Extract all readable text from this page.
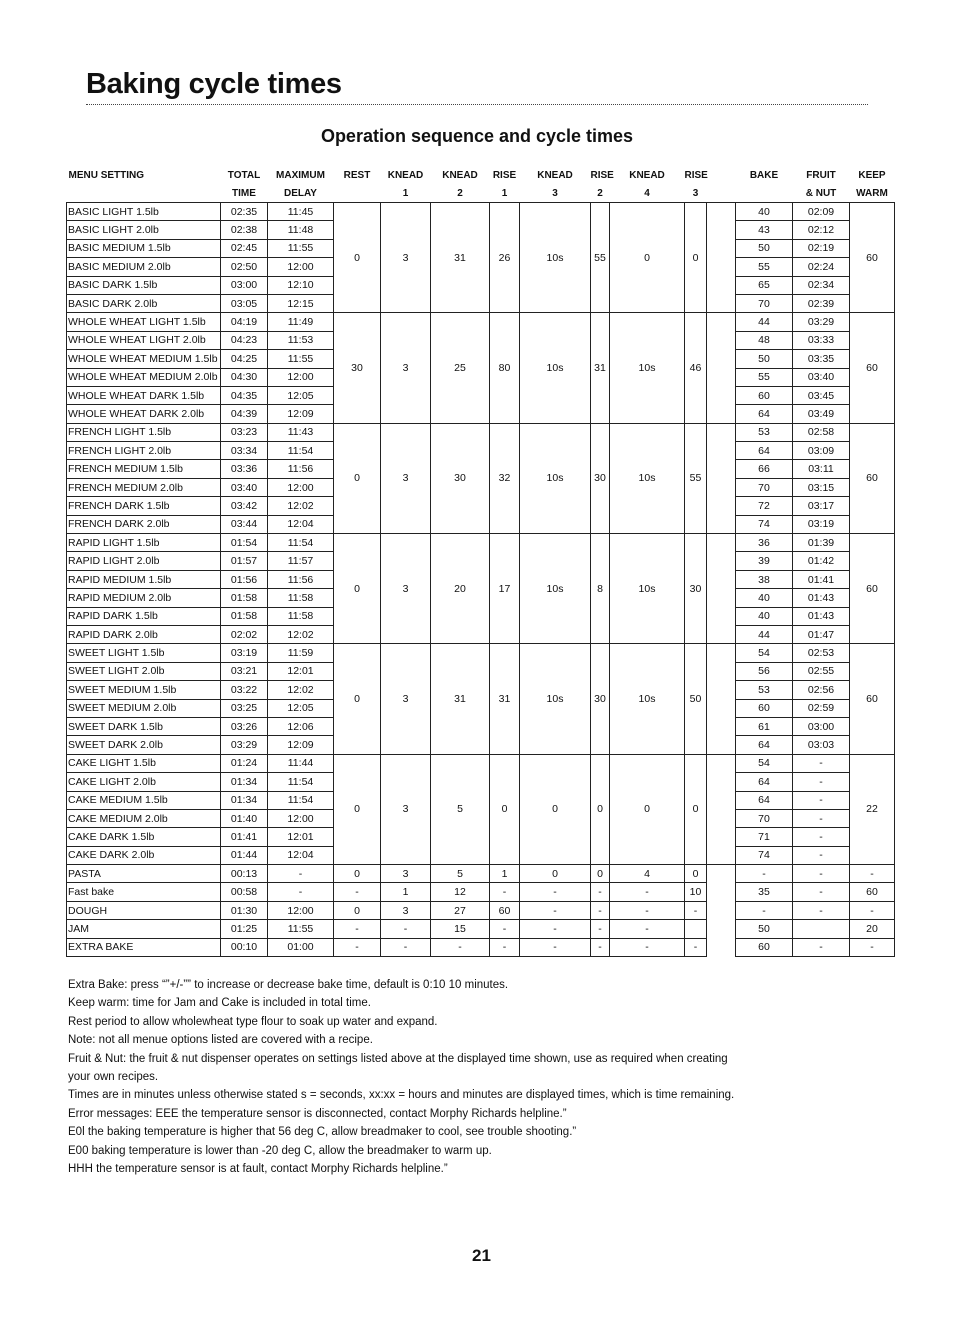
Baking cycle times
Operation sequence and cycle times
MENU SETTING	TOTAL	MAXIMUM	REST	KNEAD	KNEAD	RISE	KNEAD	RISE	KNEAD	RISE		BAKE	FRUIT	KEEP
	TIME	DELAY		1	2	1	3	2	4	3			& NUT	WARM
BASIC LIGHT 1.5lb	02:35	11:45	0	3	31	26	10s	55	0	0		40	02:09	60
BASIC LIGHT 2.0lb	02:38	11:48										43	02:12	
BASIC MEDIUM 1.5lb	02:45	11:55										50	02:19	
BASIC MEDIUM 2.0lb	02:50	12:00										55	02:24	
BASIC DARK 1.5lb	03:00	12:10										65	02:34	
BASIC DARK 2.0lb	03:05	12:15										70	02:39	
WHOLE WHEAT LIGHT 1.5lb	04:19	11:49	30	3	25	80	10s	31	10s	46		44	03:29	60
WHOLE WHEAT LIGHT 2.0lb	04:23	11:53										48	03:33	
WHOLE WHEAT MEDIUM 1.5lb	04:25	11:55										50	03:35	
WHOLE WHEAT MEDIUM 2.0lb	04:30	12:00										55	03:40	
WHOLE WHEAT DARK 1.5lb	04:35	12:05										60	03:45	
WHOLE WHEAT DARK 2.0lb	04:39	12:09										64	03:49	
FRENCH LIGHT 1.5lb	03:23	11:43	0	3	30	32	10s	30	10s	55		53	02:58	60
FRENCH LIGHT 2.0lb	03:34	11:54										64	03:09	
FRENCH MEDIUM 1.5lb	03:36	11:56										66	03:11	
FRENCH MEDIUM 2.0lb	03:40	12:00										70	03:15	
FRENCH DARK 1.5lb	03:42	12:02										72	03:17	
FRENCH DARK 2.0lb	03:44	12:04										74	03:19	
RAPID LIGHT 1.5lb	01:54	11:54	0	3	20	17	10s	8	10s	30		36	01:39	60
RAPID LIGHT 2.0lb	01:57	11:57										39	01:42	
RAPID MEDIUM 1.5lb	01:56	11:56										38	01:41	
RAPID MEDIUM 2.0lb	01:58	11:58										40	01:43	
RAPID DARK 1.5lb	01:58	11:58										40	01:43	
RAPID DARK 2.0lb	02:02	12:02										44	01:47	
SWEET LIGHT 1.5lb	03:19	11:59	0	3	31	31	10s	30	10s	50		54	02:53	60
SWEET LIGHT 2.0lb	03:21	12:01										56	02:55	
SWEET MEDIUM 1.5lb	03:22	12:02										53	02:56	
SWEET MEDIUM 2.0lb	03:25	12:05										60	02:59	
SWEET DARK 1.5lb	03:26	12:06										61	03:00	
SWEET DARK 2.0lb	03:29	12:09										64	03:03	
CAKE LIGHT 1.5lb	01:24	11:44	0	3	5	0	0	0	0	0		54	-	22
CAKE LIGHT 2.0lb	01:34	11:54										64	-	
CAKE MEDIUM 1.5lb	01:34	11:54										64	-	
CAKE MEDIUM 2.0lb	01:40	12:00										70	-	
CAKE DARK 1.5lb	01:41	12:01										71	-	
CAKE DARK 2.0lb	01:44	12:04										74	-	
PASTA	00:13	-	0	3	5	1	0	0	4	0		-	-	-
Fast bake	00:58	-	-	1	12	-	-	-	-	10		35	-	60
DOUGH	01:30	12:00	0	3	27	60	-	-	-	-		-	-	-
JAM	01:25	11:55	-	-	15	-	-	-	-			50		20
EXTRA BAKE	00:10	01:00	-	-	-	-	-	-	-	-		60	-	-

Extra Bake: press “”+/-”” to increase or decrease bake time, default is 0:10 10 minutes.

Keep warm: time for Jam and Cake is included in total time.

Rest period to allow wholewheat type flour to soak up water and expand.

Note: not all menue options listed are covered with a recipe.

Fruit & Nut: the fruit & nut dispenser operates on settings listed above at the displayed time shown, use as required when creating

your own recipes.

Times are in minutes unless otherwise stated s = seconds, xx:xx = hours and minutes are displayed times, which is time remaining.

Error messages: EEE the temperature sensor is disconnected, contact Morphy Richards helpline.”

E0l the baking temperature is higher that 56 deg C, allow breadmaker to cool, see trouble shooting.”

E00 baking temperature is lower than -20 deg C, allow the breadmaker to warm up.

HHH the temperature sensor is at fault, contact Morphy Richards helpline.”

21
